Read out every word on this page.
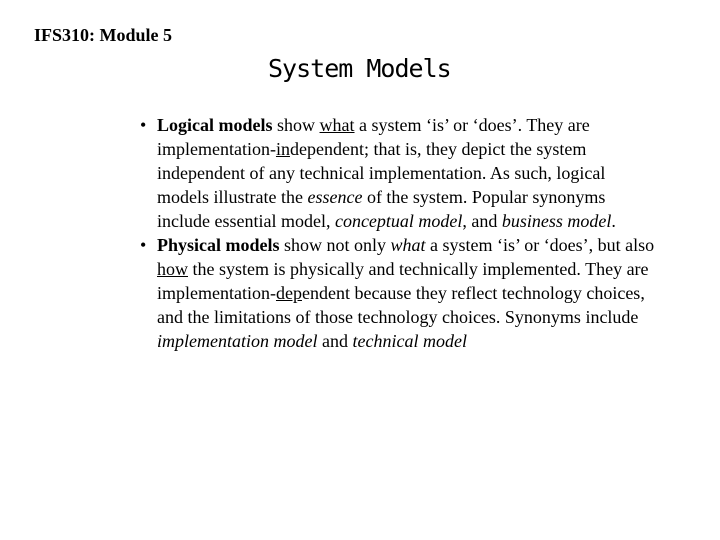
IFS310: Module 5
System Models
• Logical models show what a system ‘is’ or ‘does’. They are implementation-independent; that is, they depict the system independent of any technical implementation. As such, logical models illustrate the essence of the system. Popular synonyms include essential model, conceptual model, and business model.
• Physical models show not only what a system ‘is’ or ‘does’, but also how the system is physically and technically implemented. They are implementation-dependent because they reflect technology choices, and the limitations of those technology choices. Synonyms include implementation model and technical model
